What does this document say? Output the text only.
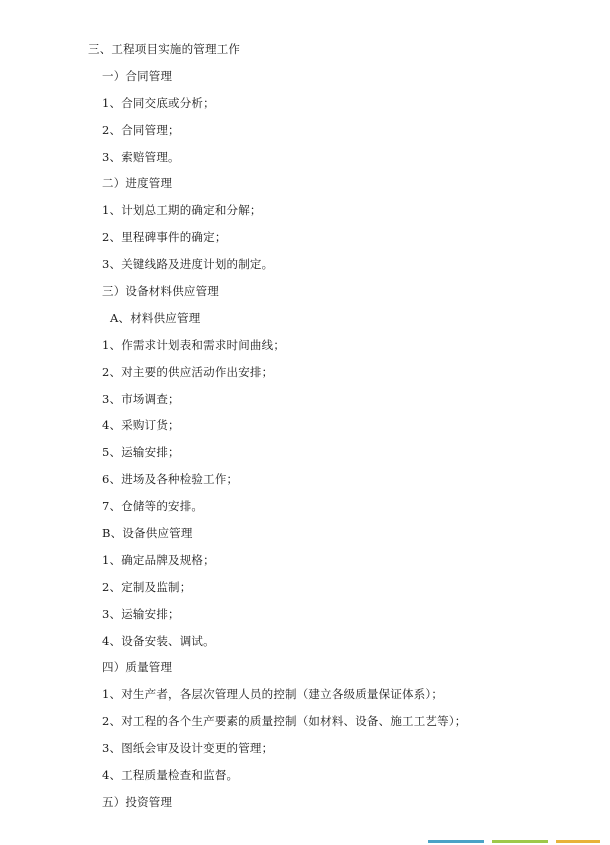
三、工程项目实施的管理工作

一）合同管理

1、合同交底或分析；

2、合同管理；

3、索赔管理。

二）进度管理

1、计划总工期的确定和分解；

2、里程碑事件的确定；

3、关键线路及进度计划的制定。

三）设备材料供应管理

A、材料供应管理

1、作需求计划表和需求时间曲线；

2、对主要的供应活动作出安排；

3、市场调查；

4、采购订货；

5、运输安排；

6、进场及各种检验工作；

7、仓储等的安排。

B、设备供应管理

1、确定品牌及规格；

2、定制及监制；

3、运输安排；

4、设备安装、调试。

四）质量管理

1、对生产者，各层次管理人员的控制（建立各级质量保证体系）；

2、对工程的各个生产要素的质量控制（如材料、设备、施工工艺等）；

3、图纸会审及设计变更的管理；

4、工程质量检查和监督。

五）投资管理
